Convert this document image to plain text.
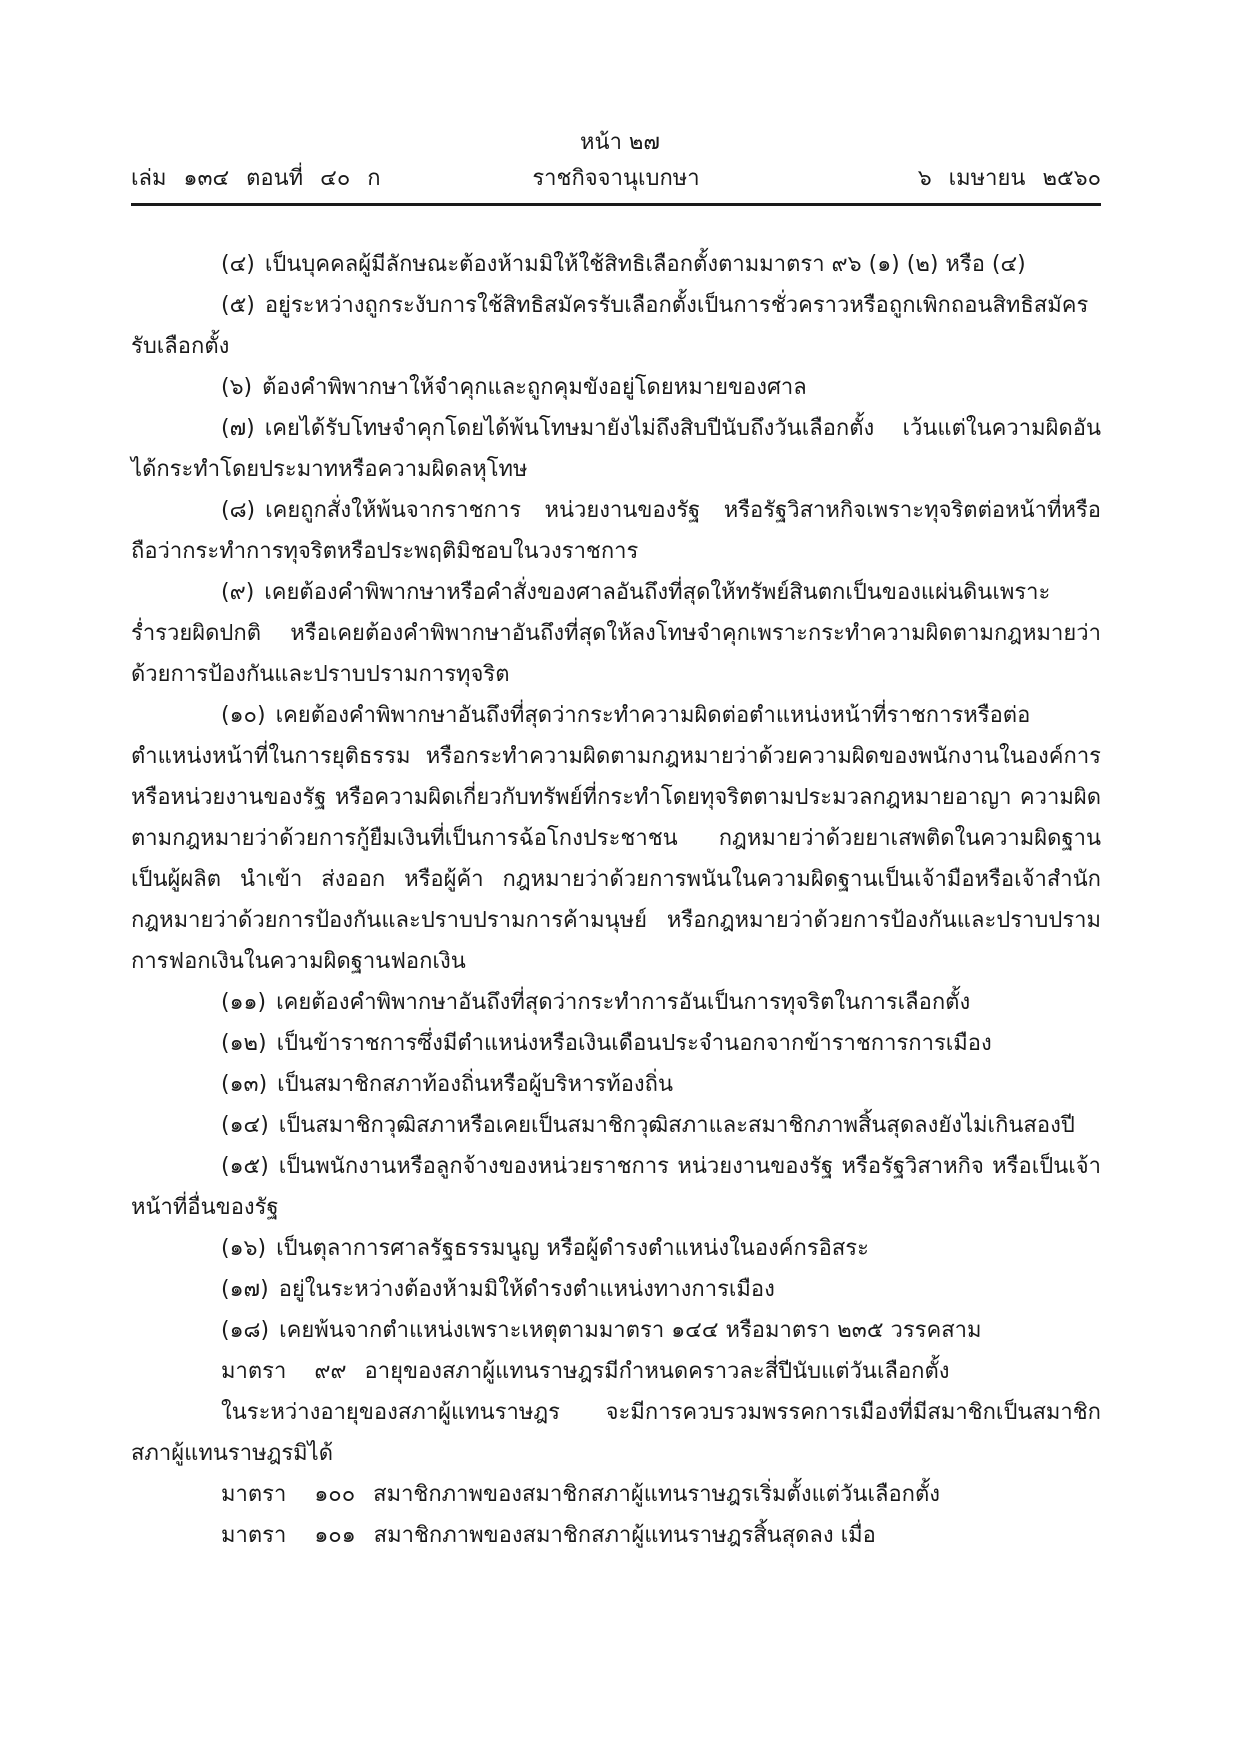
หน้า ๒๗
เล่ม ๑๓๔ ตอนที่ ๔๐ ก	ราชกิจจานุเบกษา	๖ เมษายน ๒๕๖๐

(๔) เป็นบุคคลผู้มีลักษณะต้องห้ามมิให้ใช้สิทธิเลือกตั้งตามมาตรา ๙๖ (๑) (๒) หรือ (๔)

(๕) อยู่ระหว่างถูกระงับการใช้สิทธิสมัครรับเลือกตั้งเป็นการชั่วคราวหรือถูกเพิกถอนสิทธิสมัครรับเลือกตั้ง

(๖) ต้องคำพิพากษาให้จำคุกและถูกคุมขังอยู่โดยหมายของศาล

(๗) เคยได้รับโทษจำคุกโดยได้พ้นโทษมายังไม่ถึงสิบปีนับถึงวันเลือกตั้ง เว้นแต่ในความผิดอันได้กระทำโดยประมาทหรือความผิดลหุโทษ

(๘) เคยถูกสั่งให้พ้นจากราชการ หน่วยงานของรัฐ หรือรัฐวิสาหกิจเพราะทุจริตต่อหน้าที่หรือถือว่ากระทำการทุจริตหรือประพฤติมิชอบในวงราชการ

(๙) เคยต้องคำพิพากษาหรือคำสั่งของศาลอันถึงที่สุดให้ทรัพย์สินตกเป็นของแผ่นดินเพราะร่ำรวยผิดปกติ หรือเคยต้องคำพิพากษาอันถึงที่สุดให้ลงโทษจำคุกเพราะกระทำความผิดตามกฎหมายว่าด้วยการป้องกันและปราบปรามการทุจริต

(๑๐) เคยต้องคำพิพากษาอันถึงที่สุดว่ากระทำความผิดต่อตำแหน่งหน้าที่ราชการหรือต่อตำแหน่งหน้าที่ในการยุติธรรม หรือกระทำความผิดตามกฎหมายว่าด้วยความผิดของพนักงานในองค์การหรือหน่วยงานของรัฐ หรือความผิดเกี่ยวกับทรัพย์ที่กระทำโดยทุจริตตามประมวลกฎหมายอาญา ความผิดตามกฎหมายว่าด้วยการกู้ยืมเงินที่เป็นการฉ้อโกงประชาชน กฎหมายว่าด้วยยาเสพติดในความผิดฐานเป็นผู้ผลิต นำเข้า ส่งออก หรือผู้ค้า กฎหมายว่าด้วยการพนันในความผิดฐานเป็นเจ้ามือหรือเจ้าสำนัก กฎหมายว่าด้วยการป้องกันและปราบปรามการค้ามนุษย์ หรือกฎหมายว่าด้วยการป้องกันและปราบปรามการฟอกเงินในความผิดฐานฟอกเงิน

(๑๑) เคยต้องคำพิพากษาอันถึงที่สุดว่ากระทำการอันเป็นการทุจริตในการเลือกตั้ง

(๑๒) เป็นข้าราชการซึ่งมีตำแหน่งหรือเงินเดือนประจำนอกจากข้าราชการการเมือง

(๑๓) เป็นสมาชิกสภาท้องถิ่นหรือผู้บริหารท้องถิ่น

(๑๔) เป็นสมาชิกวุฒิสภาหรือเคยเป็นสมาชิกวุฒิสภาและสมาชิกภาพสิ้นสุดลงยังไม่เกินสองปี

(๑๕) เป็นพนักงานหรือลูกจ้างของหน่วยราชการ หน่วยงานของรัฐ หรือรัฐวิสาหกิจ หรือเป็นเจ้าหน้าที่อื่นของรัฐ

(๑๖) เป็นตุลาการศาลรัฐธรรมนูญ หรือผู้ดำรงตำแหน่งในองค์กรอิสระ

(๑๗) อยู่ในระหว่างต้องห้ามมิให้ดำรงตำแหน่งทางการเมือง

(๑๘) เคยพ้นจากตำแหน่งเพราะเหตุตามมาตรา ๑๔๔ หรือมาตรา ๒๓๕ วรรคสาม

มาตรา ๙๙ อายุของสภาผู้แทนราษฎรมีกำหนดคราวละสี่ปีนับแต่วันเลือกตั้ง

ในระหว่างอายุของสภาผู้แทนราษฎร จะมีการควบรวมพรรคการเมืองที่มีสมาชิกเป็นสมาชิกสภาผู้แทนราษฎรมิได้

มาตรา ๑๐๐ สมาชิกภาพของสมาชิกสภาผู้แทนราษฎรเริ่มตั้งแต่วันเลือกตั้ง

มาตรา ๑๐๑ สมาชิกภาพของสมาชิกสภาผู้แทนราษฎรสิ้นสุดลง เมื่อ
